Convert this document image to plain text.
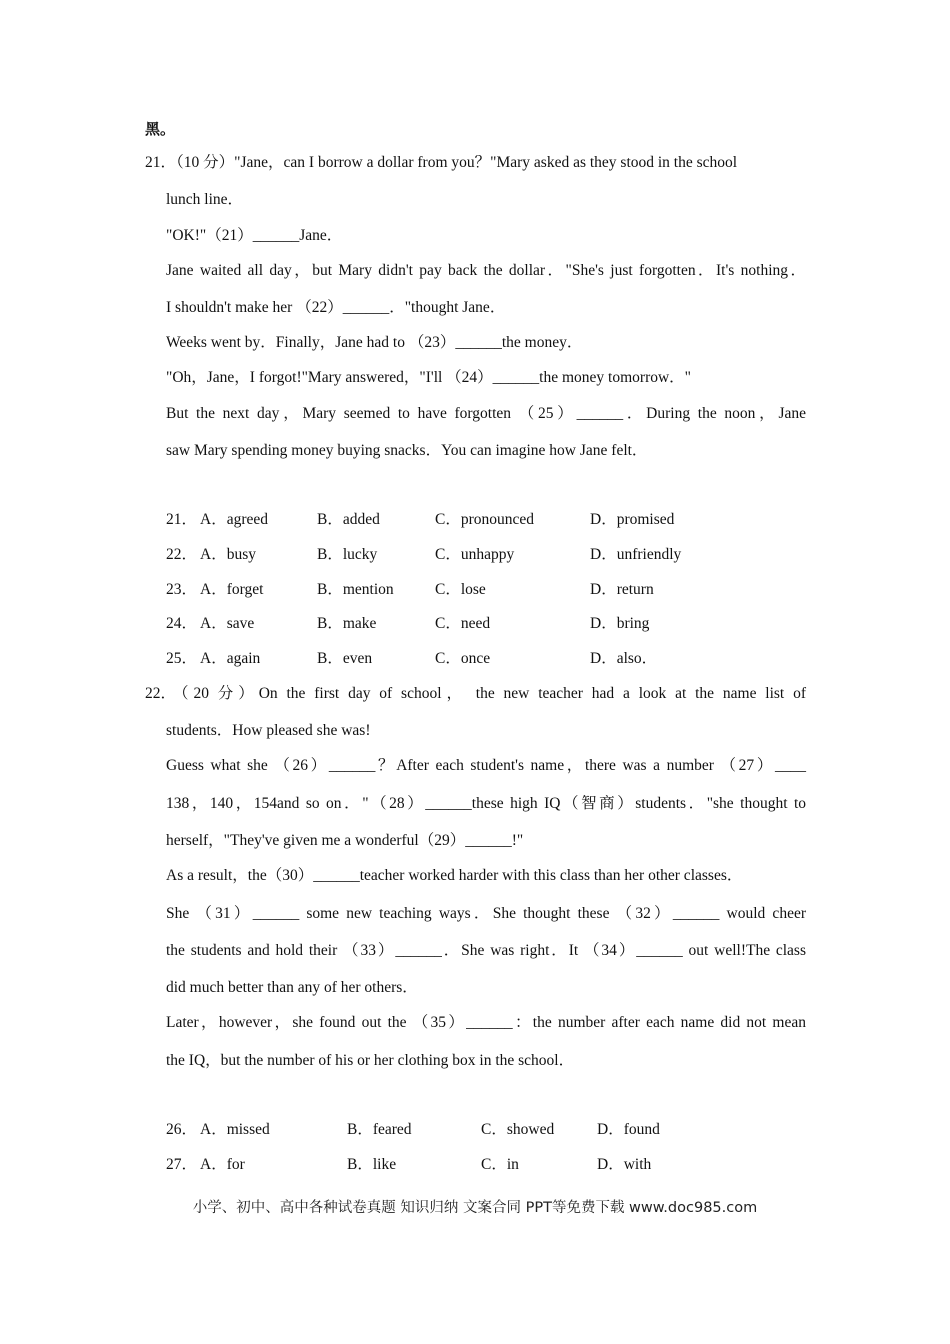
黑。
21．（10 分）"Jane，can I borrow a dollar from you？"Mary asked as they stood in the school
lunch line．
"OK!"（21）______Jane．
Jane waited all day，but Mary didn't pay back the dollar．"She's just forgotten．It's nothing．
I shouldn't make her （22）______．"thought Jane．
Weeks went by．Finally，Jane had to （23）______the money．
"Oh，Jane，I forgot!"Mary answered，"I'll （24）______the money tomorrow．"
But the next day，Mary seemed to have forgotten （25）______．During the noon，Jane
saw Mary spending money buying snacks．You can imagine how Jane felt．
21． A．agreed	B．added	C．pronounced	D．promised
22． A．busy	B．lucky	C．unhappy	D．unfriendly
23． A．forget	B．mention	C．lose	D．return
24． A．save	B．make	C．need	D．bring
25． A．again	B．even	C．once	D．also．
22．（20 分）On the first day of school， the new teacher had a look at the name list of
students．How pleased she was!
Guess what she （26）______？After each student's name，there was a number （27）____
138，140，154and so on．"（28）______these high IQ（智商）students．"she thought to
herself，"They've given me a wonderful（29）______!"
As a result，the（30）______teacher worked harder with this class than her other classes．
She （31）______ some new teaching ways．She thought these （32）______ would cheer
the students and hold their （33）______．She was right．It （34）______ out well!The class
did much better than any of her others．
Later，however，she found out the （35）______：the number after each name did not mean
the IQ，but the number of his or her clothing box in the school．
26． A．missed	B．feared	C．showed	D．found
27． A．for	B．like	C．in	D．with
小学、初中、高中各种试卷真题 知识归纳 文案合同 PPT等免费下载 www.doc985.com
